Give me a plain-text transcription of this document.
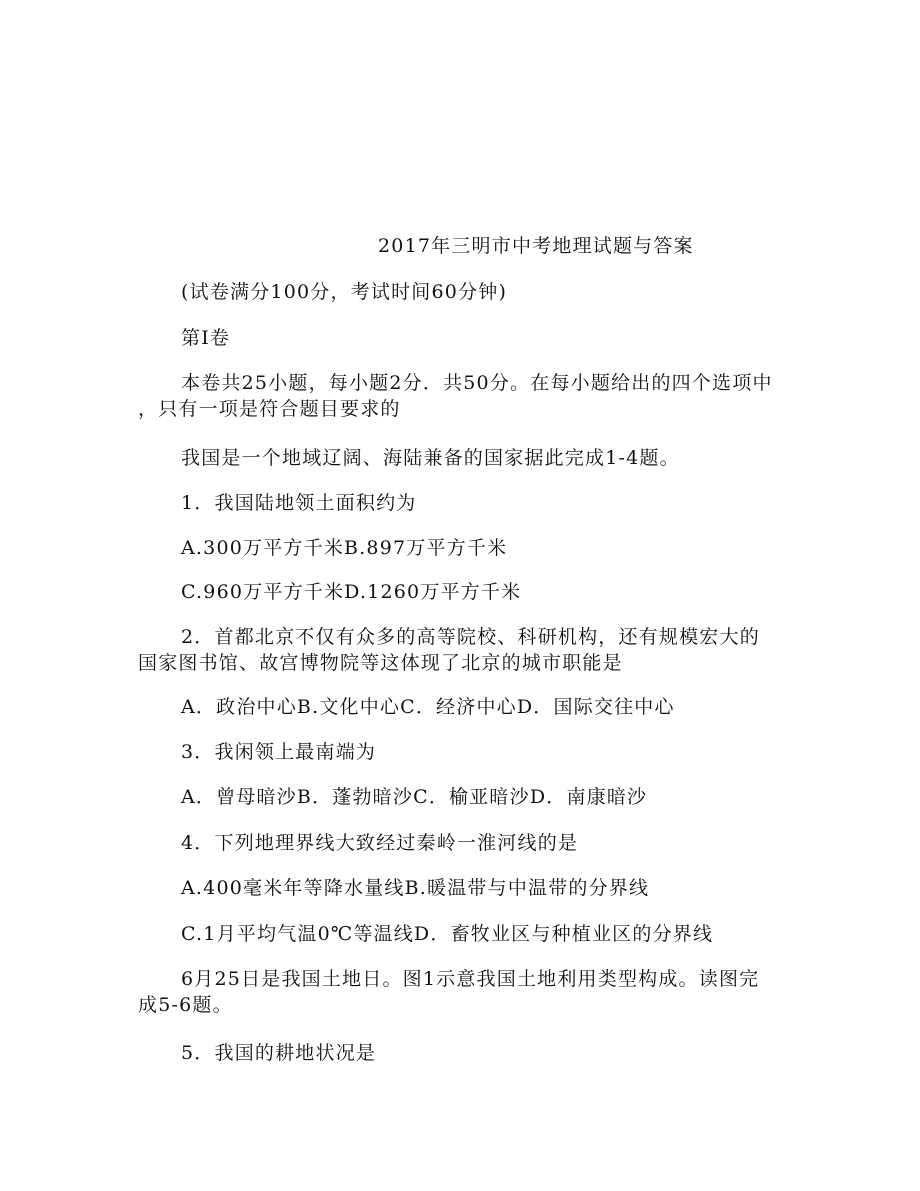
2017年三明市中考地理试题与答案
(试卷满分100分，考试时间60分钟)
第Ⅰ卷
本卷共25小题，每小题2分．共50分。在每小题给出的四个选项中
，只有一项是符合题目要求的
我国是一个地域辽阔、海陆兼备的国家据此完成1-4题。
1．我国陆地领土面积约为
A.300万平方千米B.897万平方千米
C.960万平方千米D.1260万平方千米
2．首都北京不仅有众多的高等院校、科研机构，还有规模宏大的
国家图书馆、故宫博物院等这体现了北京的城市职能是
A．政治中心B.文化中心C．经济中心D．国际交往中心
3．我闲领上最南端为
A．曾母暗沙B．蓬勃暗沙C．榆亚暗沙D．南康暗沙
4．下列地理界线大致经过秦岭一淮河线的是
A.400毫米年等降水量线B.暖温带与中温带的分界线
C.1月平均气温0℃等温线D．畜牧业区与种植业区的分界线
6月25日是我国土地日。图1示意我国土地利用类型构成。读图完
成5-6题。
5．我国的耕地状况是
